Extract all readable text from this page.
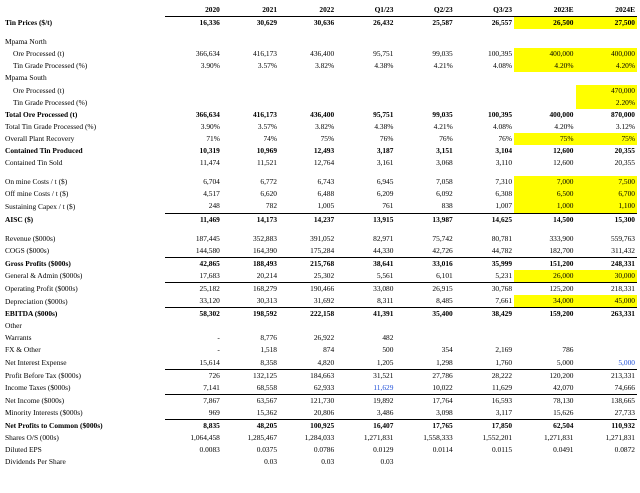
	2020	2021	2022	Q1/23	Q2/23	Q3/23	2023E	2024E
Tin Prices ($/t)	16,336	30,629	30,636	26,432	25,587	26,557	26,500	27,500

Mpama North								
Ore Processed (t)	366,634	416,173	436,400	95,751	99,035	100,395	400,000	400,000
Tin Grade Processed (%)	3.90%	3.57%	3.82%	4.38%	4.21%	4.08%	4.20%	4.20%
Mpama South								
Ore Processed (t)								470,000
Tin Grade Processed (%)								2.20%
Total Ore Processed (t)	366,634	416,173	436,400	95,751	99,035	100,395	400,000	870,000
Total Tin Grade Processed (%)	3.90%	3.57%	3.82%	4.38%	4.21%	4.08%	4.20%	3.12%
Overall Plant Recovery	71%	74%	75%	76%	76%	76%	75%	75%
Contained Tin Produced	10,319	10,969	12,493	3,187	3,151	3,104	12,600	20,355
Contained Tin Sold	11,474	11,521	12,764	3,161	3,068	3,110	12,600	20,355

On mine Costs / t ($)	6,704	6,772	6,743	6,945	7,058	7,310	7,000	7,500
Off mine Costs / t ($)	4,517	6,620	6,488	6,209	6,092	6,308	6,500	6,700
Sustaining Capex / t ($)	248	782	1,005	761	838	1,007	1,000	1,100
AISC ($)	11,469	14,173	14,237	13,915	13,987	14,625	14,500	15,300

Revenue ($000s)	187,445	352,883	391,052	82,971	75,742	80,781	333,900	559,763
COGS ($000s)	144,580	164,390	175,284	44,330	42,726	44,782	182,700	311,432
Gross Profits ($000s)	42,865	188,493	215,768	38,641	33,016	35,999	151,200	248,331
General & Admin ($000s)	17,683	20,214	25,302	5,561	6,101	5,231	26,000	30,000
Operating Profit ($000s)	25,182	168,279	190,466	33,080	26,915	30,768	125,200	218,331
Depreciation ($000s)	33,120	30,313	31,692	8,311	8,485	7,661	34,000	45,000
EBITDA ($000s)	58,302	198,592	222,158	41,391	35,400	38,429	159,200	263,331
Other								
Warrants	-	8,776	26,922	482				
FX & Other	-	1,518	874	500	354	2,169	786	
Net Interest Expense	15,614	8,358	4,820	1,205	1,298	1,760	5,000	5,000
Profit Before Tax ($000s)	726	132,125	184,663	31,521	27,786	28,222	120,200	213,331
Income Taxes ($000s)	7,141	68,558	62,933	11,629	10,022	11,629	42,070	74,666
Net Income ($000s)	7,867	63,567	121,730	19,892	17,764	16,593	78,130	138,665
Minority Interests ($000s)	969	15,362	20,806	3,486	3,098	3,117	15,626	27,733
Net Profits to Common ($000s)	8,835	48,205	100,925	16,407	17,765	17,850	62,504	110,932
Shares O/S (000s)	1,064,458	1,285,467	1,284,033	1,271,831	1,558,333	1,552,201	1,271,831	1,271,831
Diluted EPS	0.0083	0.0375	0.0786	0.0129	0.0114	0.0115	0.0491	0.0872
Dividends Per Share		0.03	0.03	0.03				
